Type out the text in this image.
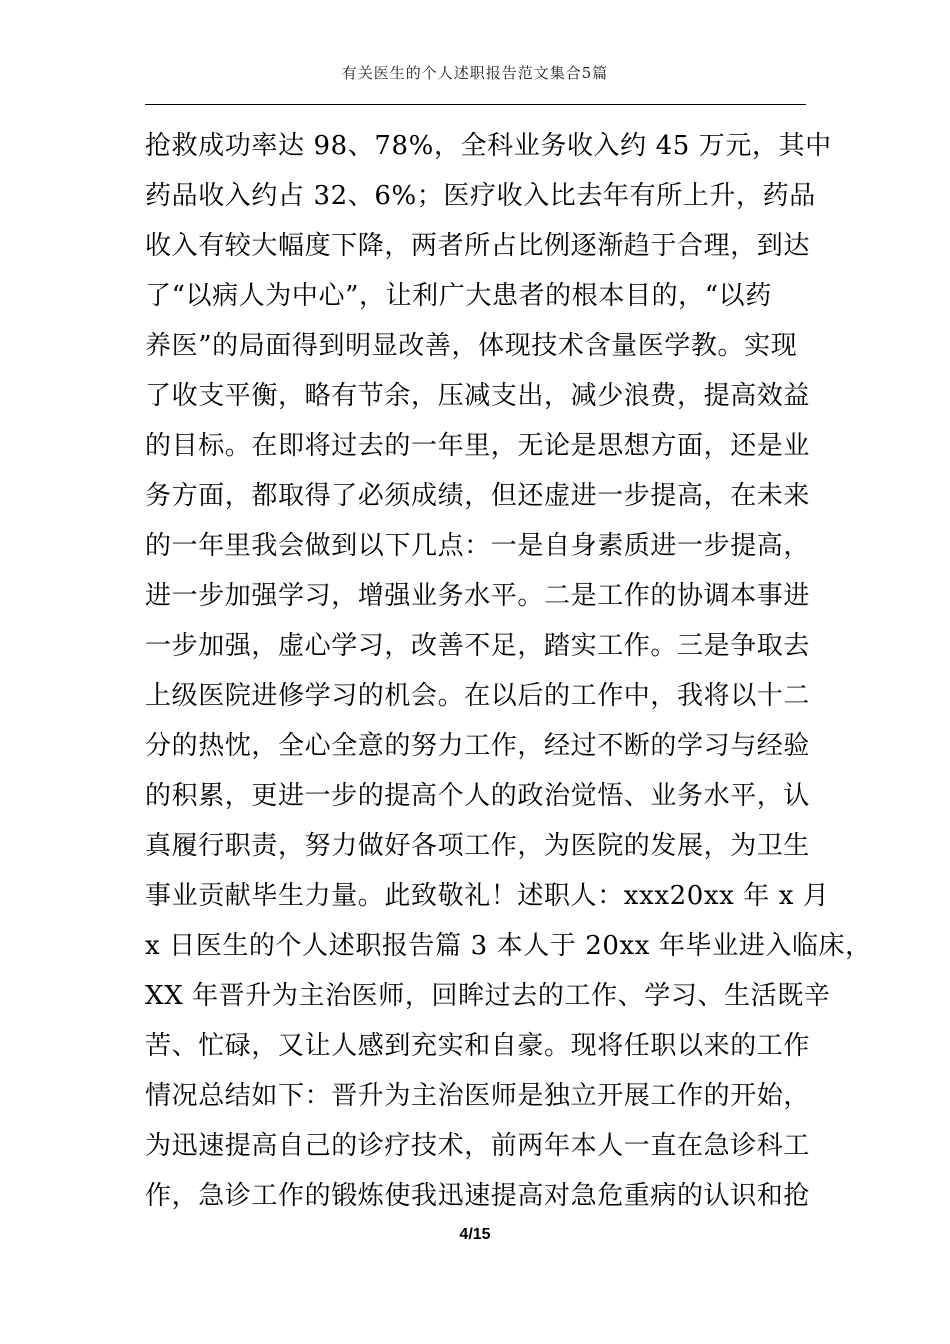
有关医生的个人述职报告范文集合5篇
抢救成功率达 98、78%，全科业务收入约 45 万元，其中
药品收入约占 32、6%；医疗收入比去年有所上升，药品
收入有较大幅度下降，两者所占比例逐渐趋于合理，到达
了“以病人为中心”，让利广大患者的根本目的，“以药
养医”的局面得到明显改善，体现技术含量医学教。实现
了收支平衡，略有节余，压减支出，减少浪费，提高效益
的目标。在即将过去的一年里，无论是思想方面，还是业
务方面，都取得了必须成绩，但还虚进一步提高，在未来
的一年里我会做到以下几点：一是自身素质进一步提高，
进一步加强学习，增强业务水平。二是工作的协调本事进
一步加强，虚心学习，改善不足，踏实工作。三是争取去
上级医院进修学习的机会。在以后的工作中，我将以十二
分的热忱，全心全意的努力工作，经过不断的学习与经验
的积累，更进一步的提高个人的政治觉悟、业务水平，认
真履行职责，努力做好各项工作，为医院的发展，为卫生
事业贡献毕生力量。此致敬礼！述职人：xxx20xx 年 x 月
x 日医生的个人述职报告篇 3 本人于 20xx 年毕业进入临床，
XX 年晋升为主治医师，回眸过去的工作、学习、生活既辛
苦、忙碌，又让人感到充实和自豪。现将任职以来的工作
情况总结如下：晋升为主治医师是独立开展工作的开始，
为迅速提高自己的诊疗技术，前两年本人一直在急诊科工
作，急诊工作的锻炼使我迅速提高对急危重病的认识和抢
4/15
